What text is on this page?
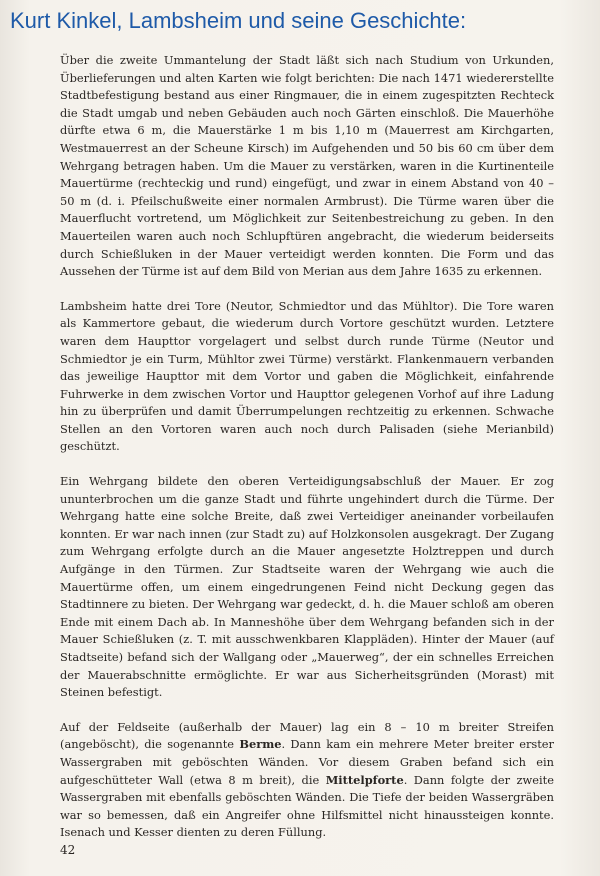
Kurt Kinkel, Lambsheim und seine Geschichte:

Über die zweite Ummantelung der Stadt läßt sich nach Studium von Urkunden, Überlieferungen und alten Karten wie folgt berichten: Die nach 1471 wiedererstellte Stadtbefestigung bestand aus einer Ringmauer, die in einem zugespitzten Rechteck die Stadt umgab und neben Gebäuden auch noch Gärten einschloß. Die Mauerhöhe dürfte etwa 6 m, die Mauerstärke 1 m bis 1,10 m (Mauerrest am Kirchgarten, Westmauerrest an der Scheune Kirsch) im Aufgehenden und 50 bis 60 cm über dem Wehrgang betragen haben. Um die Mauer zu verstärken, waren in die Kurtinenteile Mauertürme (rechteckig und rund) eingefügt, und zwar in einem Abstand von 40 – 50 m (d. i. Pfeilschußweite einer normalen Armbrust). Die Türme waren über die Mauerflucht vortretend, um Möglichkeit zur Seitenbestreichung zu geben. In den Mauerteilen waren auch noch Schlupftüren angebracht, die wiederum beiderseits durch Schießluken in der Mauer verteidigt werden konnten. Die Form und das Aussehen der Türme ist auf dem Bild von Merian aus dem Jahre 1635 zu erkennen.

Lambsheim hatte drei Tore (Neutor, Schmiedtor und das Mühltor). Die Tore waren als Kammertore gebaut, die wiederum durch Vortore geschützt wurden. Letztere waren dem Haupttor vorgelagert und selbst durch runde Türme (Neutor und Schmiedtor je ein Turm, Mühltor zwei Türme) verstärkt. Flankenmauern verbanden das jeweilige Haupttor mit dem Vortor und gaben die Möglichkeit, einfahrende Fuhrwerke in dem zwischen Vortor und Haupttor gelegenen Vorhof auf ihre Ladung hin zu überprüfen und damit Überrumpelungen rechtzeitig zu erkennen. Schwache Stellen an den Vortoren waren auch noch durch Palisaden (siehe Merianbild) geschützt.

Ein Wehrgang bildete den oberen Verteidigungsabschluß der Mauer. Er zog ununterbrochen um die ganze Stadt und führte ungehindert durch die Türme. Der Wehrgang hatte eine solche Breite, daß zwei Verteidiger aneinander vorbeilaufen konnten. Er war nach innen (zur Stadt zu) auf Holzkonsolen ausgekragt. Der Zugang zum Wehrgang erfolgte durch an die Mauer angesetzte Holztreppen und durch Aufgänge in den Türmen. Zur Stadtseite waren der Wehrgang wie auch die Mauertürme offen, um einem eingedrungenen Feind nicht Deckung gegen das Stadtinnere zu bieten. Der Wehrgang war gedeckt, d. h. die Mauer schloß am oberen Ende mit einem Dach ab. In Manneshöhe über dem Wehrgang befanden sich in der Mauer Schießluken (z. T. mit ausschwenkbaren Klappläden). Hinter der Mauer (auf Stadtseite) befand sich der Wallgang oder „Mauerweg“, der ein schnelles Erreichen der Mauerabschnitte ermöglichte. Er war aus Sicherheitsgründen (Morast) mit Steinen befestigt.

Auf der Feldseite (außerhalb der Mauer) lag ein 8 – 10 m breiter Streifen (angeböscht), die sogenannte Berme. Dann kam ein mehrere Meter breiter erster Wassergraben mit geböschten Wänden. Vor diesem Graben befand sich ein aufgeschütteter Wall (etwa 8 m breit), die Mittelpforte. Dann folgte der zweite Wassergraben mit ebenfalls geböschten Wänden. Die Tiefe der beiden Wassergräben war so bemessen, daß ein Angreifer ohne Hilfsmittel nicht hinaussteigen konnte. Isenach und Kesser dienten zu deren Füllung.

42
